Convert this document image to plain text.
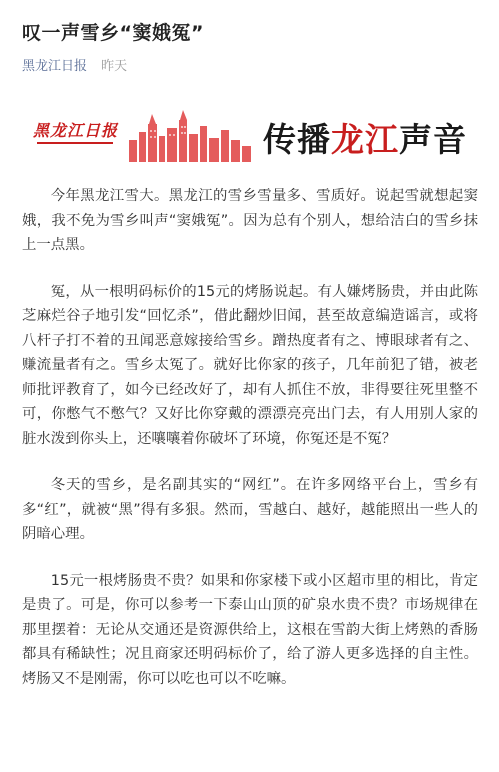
叹一声雪乡“窦娥冤”
黑龙江日报 昨天
黑龙江日报	传播龙江声音

今年黑龙江雪大。黑龙江的雪乡雪量多、雪质好。说起雪就想起窦娥，我不免为雪乡叫声“窦娥冤”。因为总有个别人，想给洁白的雪乡抹上一点黑。

冤，从一根明码标价的15元的烤肠说起。有人嫌烤肠贵，并由此陈芝麻烂谷子地引发“回忆杀”，借此翻炒旧闻，甚至故意编造谣言，或将八杆子打不着的丑闻恶意嫁接给雪乡。蹭热度者有之、博眼球者有之、赚流量者有之。雪乡太冤了。就好比你家的孩子，几年前犯了错，被老师批评教育了，如今已经改好了，却有人抓住不放，非得要往死里整不可，你憋气不憋气？又好比你穿戴的漂漂亮亮出门去，有人用别人家的脏水泼到你头上，还嚷嚷着你破坏了环境，你冤还是不冤？

冬天的雪乡，是名副其实的“网红”。在许多网络平台上，雪乡有多“红”，就被“黑”得有多狠。然而，雪越白、越好，越能照出一些人的阴暗心理。

15元一根烤肠贵不贵？如果和你家楼下或小区超市里的相比，肯定是贵了。可是，你可以参考一下泰山山顶的矿泉水贵不贵？市场规律在那里摆着：无论从交通还是资源供给上，这根在雪韵大街上烤熟的香肠都具有稀缺性；况且商家还明码标价了，给了游人更多选择的自主性。烤肠又不是刚需，你可以吃也可以不吃嘛。
